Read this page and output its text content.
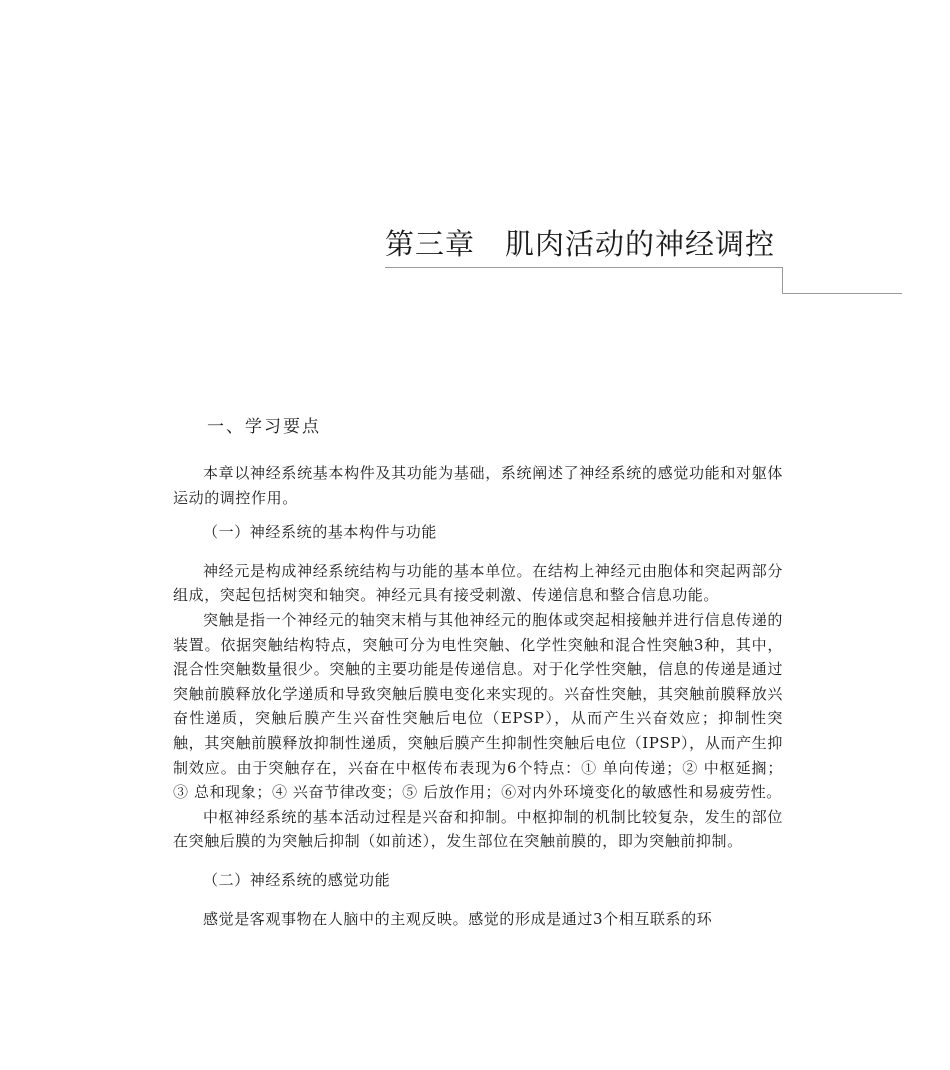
第三章　肌肉活动的神经调控
一、学习要点

本章以神经系统基本构件及其功能为基础，系统阐述了神经系统的感觉功能和对躯体运动的调控作用。

（一）神经系统的基本构件与功能

神经元是构成神经系统结构与功能的基本单位。在结构上神经元由胞体和突起两部分组成，突起包括树突和轴突。神经元具有接受刺激、传递信息和整合信息功能。

突触是指一个神经元的轴突末梢与其他神经元的胞体或突起相接触并进行信息传递的装置。依据突触结构特点，突触可分为电性突触、化学性突触和混合性突触3种，其中，混合性突触数量很少。突触的主要功能是传递信息。对于化学性突触，信息的传递是通过突触前膜释放化学递质和导致突触后膜电变化来实现的。兴奋性突触，其突触前膜释放兴奋性递质，突触后膜产生兴奋性突触后电位（EPSP），从而产生兴奋效应；抑制性突触，其突触前膜释放抑制性递质，突触后膜产生抑制性突触后电位（IPSP），从而产生抑制效应。由于突触存在，兴奋在中枢传布表现为6个特点：① 单向传递；② 中枢延搁；③ 总和现象；④ 兴奋节律改变；⑤ 后放作用；⑥对内外环境变化的敏感性和易疲劳性。

中枢神经系统的基本活动过程是兴奋和抑制。中枢抑制的机制比较复杂，发生的部位在突触后膜的为突触后抑制（如前述），发生部位在突触前膜的，即为突触前抑制。

（二）神经系统的感觉功能

感觉是客观事物在人脑中的主观反映。感觉的形成是通过3个相互联系的环
